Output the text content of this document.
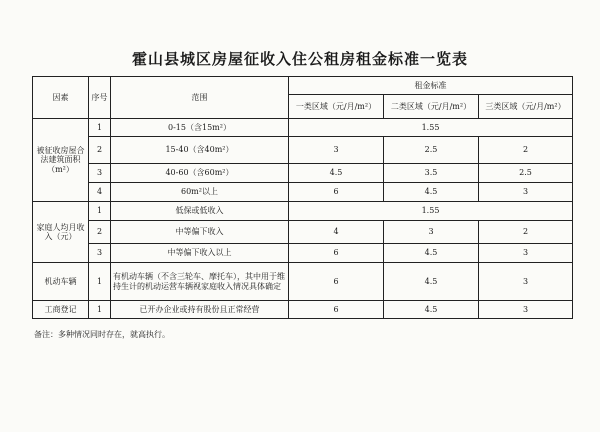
霍山县城区房屋征收入住公租房租金标准一览表
因素	序号	范围	租金标准		
			一类区域（元/月/m²）	二类区域（元/月/m²）	三类区域（元/月/m²）
被征收房屋合法建筑面积（m²）	1	0-15（含15m²）	1.55		
	2	15-40（含40m²）	3	2.5	2
	3	40-60（含60m²）	4.5	3.5	2.5
	4	60m²以上	6	4.5	3
家庭人均月收入（元）	1	低保或低收入	1.55		
	2	中等偏下收入	4	3	2
	3	中等偏下收入以上	6	4.5	3
机动车辆	1	有机动车辆（不含三轮车、摩托车），其中用于维持生计的机动运营车辆视家庭收入情况具体确定	6	4.5	3
工商登记	1	已开办企业或持有股份且正常经营	6	4.5	3
备注：多种情况同时存在，就高执行。
